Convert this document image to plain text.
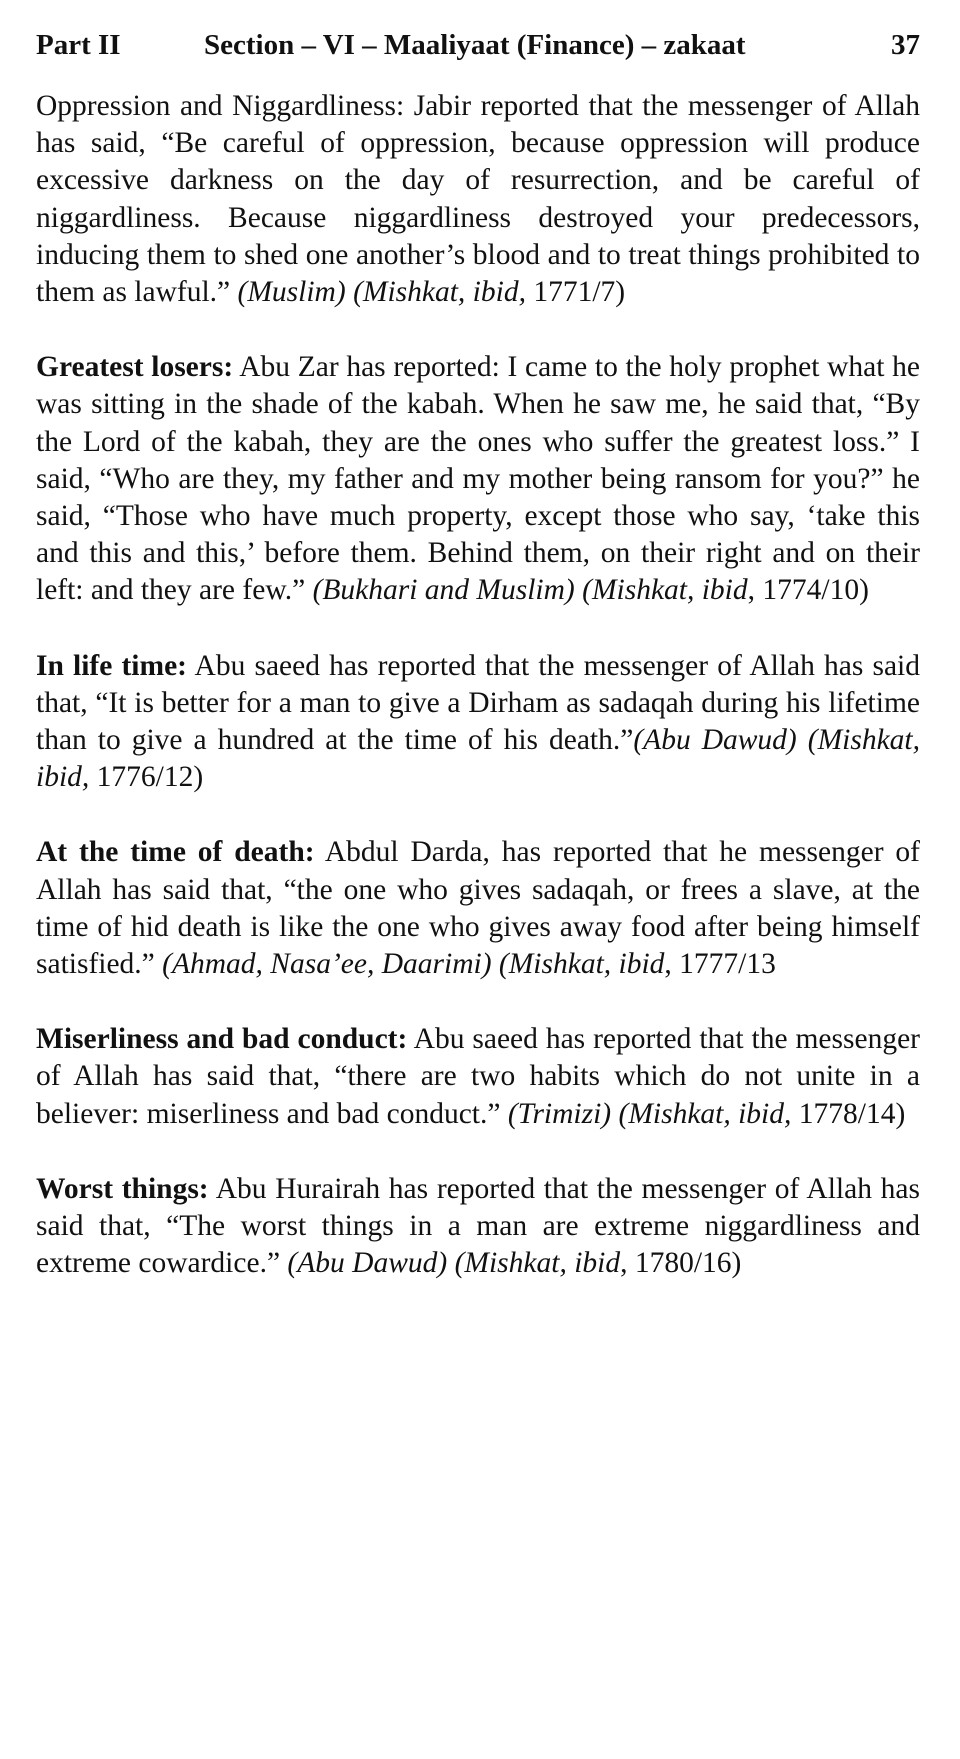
Part II	Section – VI – Maaliyaat (Finance) – zakaat	37

Oppression and Niggardliness: Jabir reported that the messenger of Allah has said, “Be careful of oppression, because oppression will produce excessive darkness on the day of resurrection, and be careful of niggardliness. Because niggardliness destroyed your predecessors, inducing them to shed one another’s blood and to treat things prohibited to them as lawful.” (Muslim) (Mishkat, ibid, 1771/7)

Greatest losers: Abu Zar has reported: I came to the holy prophet what he was sitting in the shade of the kabah. When he saw me, he said that, “By the Lord of the kabah, they are the ones who suffer the greatest loss.” I said, “Who are they, my father and my mother being ransom for you?” he said, “Those who have much property, except those who say, ‘take this and this and this,’ before them. Behind them, on their right and on their left: and they are few.” (Bukhari and Muslim) (Mishkat, ibid, 1774/10)

In life time: Abu saeed has reported that the messenger of Allah has said that, “It is better for a man to give a Dirham as sadaqah during his lifetime than to give a hundred at the time of his death.”(Abu Dawud) (Mishkat, ibid, 1776/12)

At the time of death: Abdul Darda, has reported that he messenger of Allah has said that, “the one who gives sadaqah, or frees a slave, at the time of hid death is like the one who gives away food after being himself satisfied.” (Ahmad, Nasa’ee, Daarimi) (Mishkat, ibid, 1777/13

Miserliness and bad conduct: Abu saeed has reported that the messenger of Allah has said that, “there are two habits which do not unite in a believer: miserliness and bad conduct.” (Trimizi) (Mishkat, ibid, 1778/14)

Worst things: Abu Hurairah has reported that the messenger of Allah has said that, “The worst things in a man are extreme niggardliness and extreme cowardice.” (Abu Dawud) (Mishkat, ibid, 1780/16)
